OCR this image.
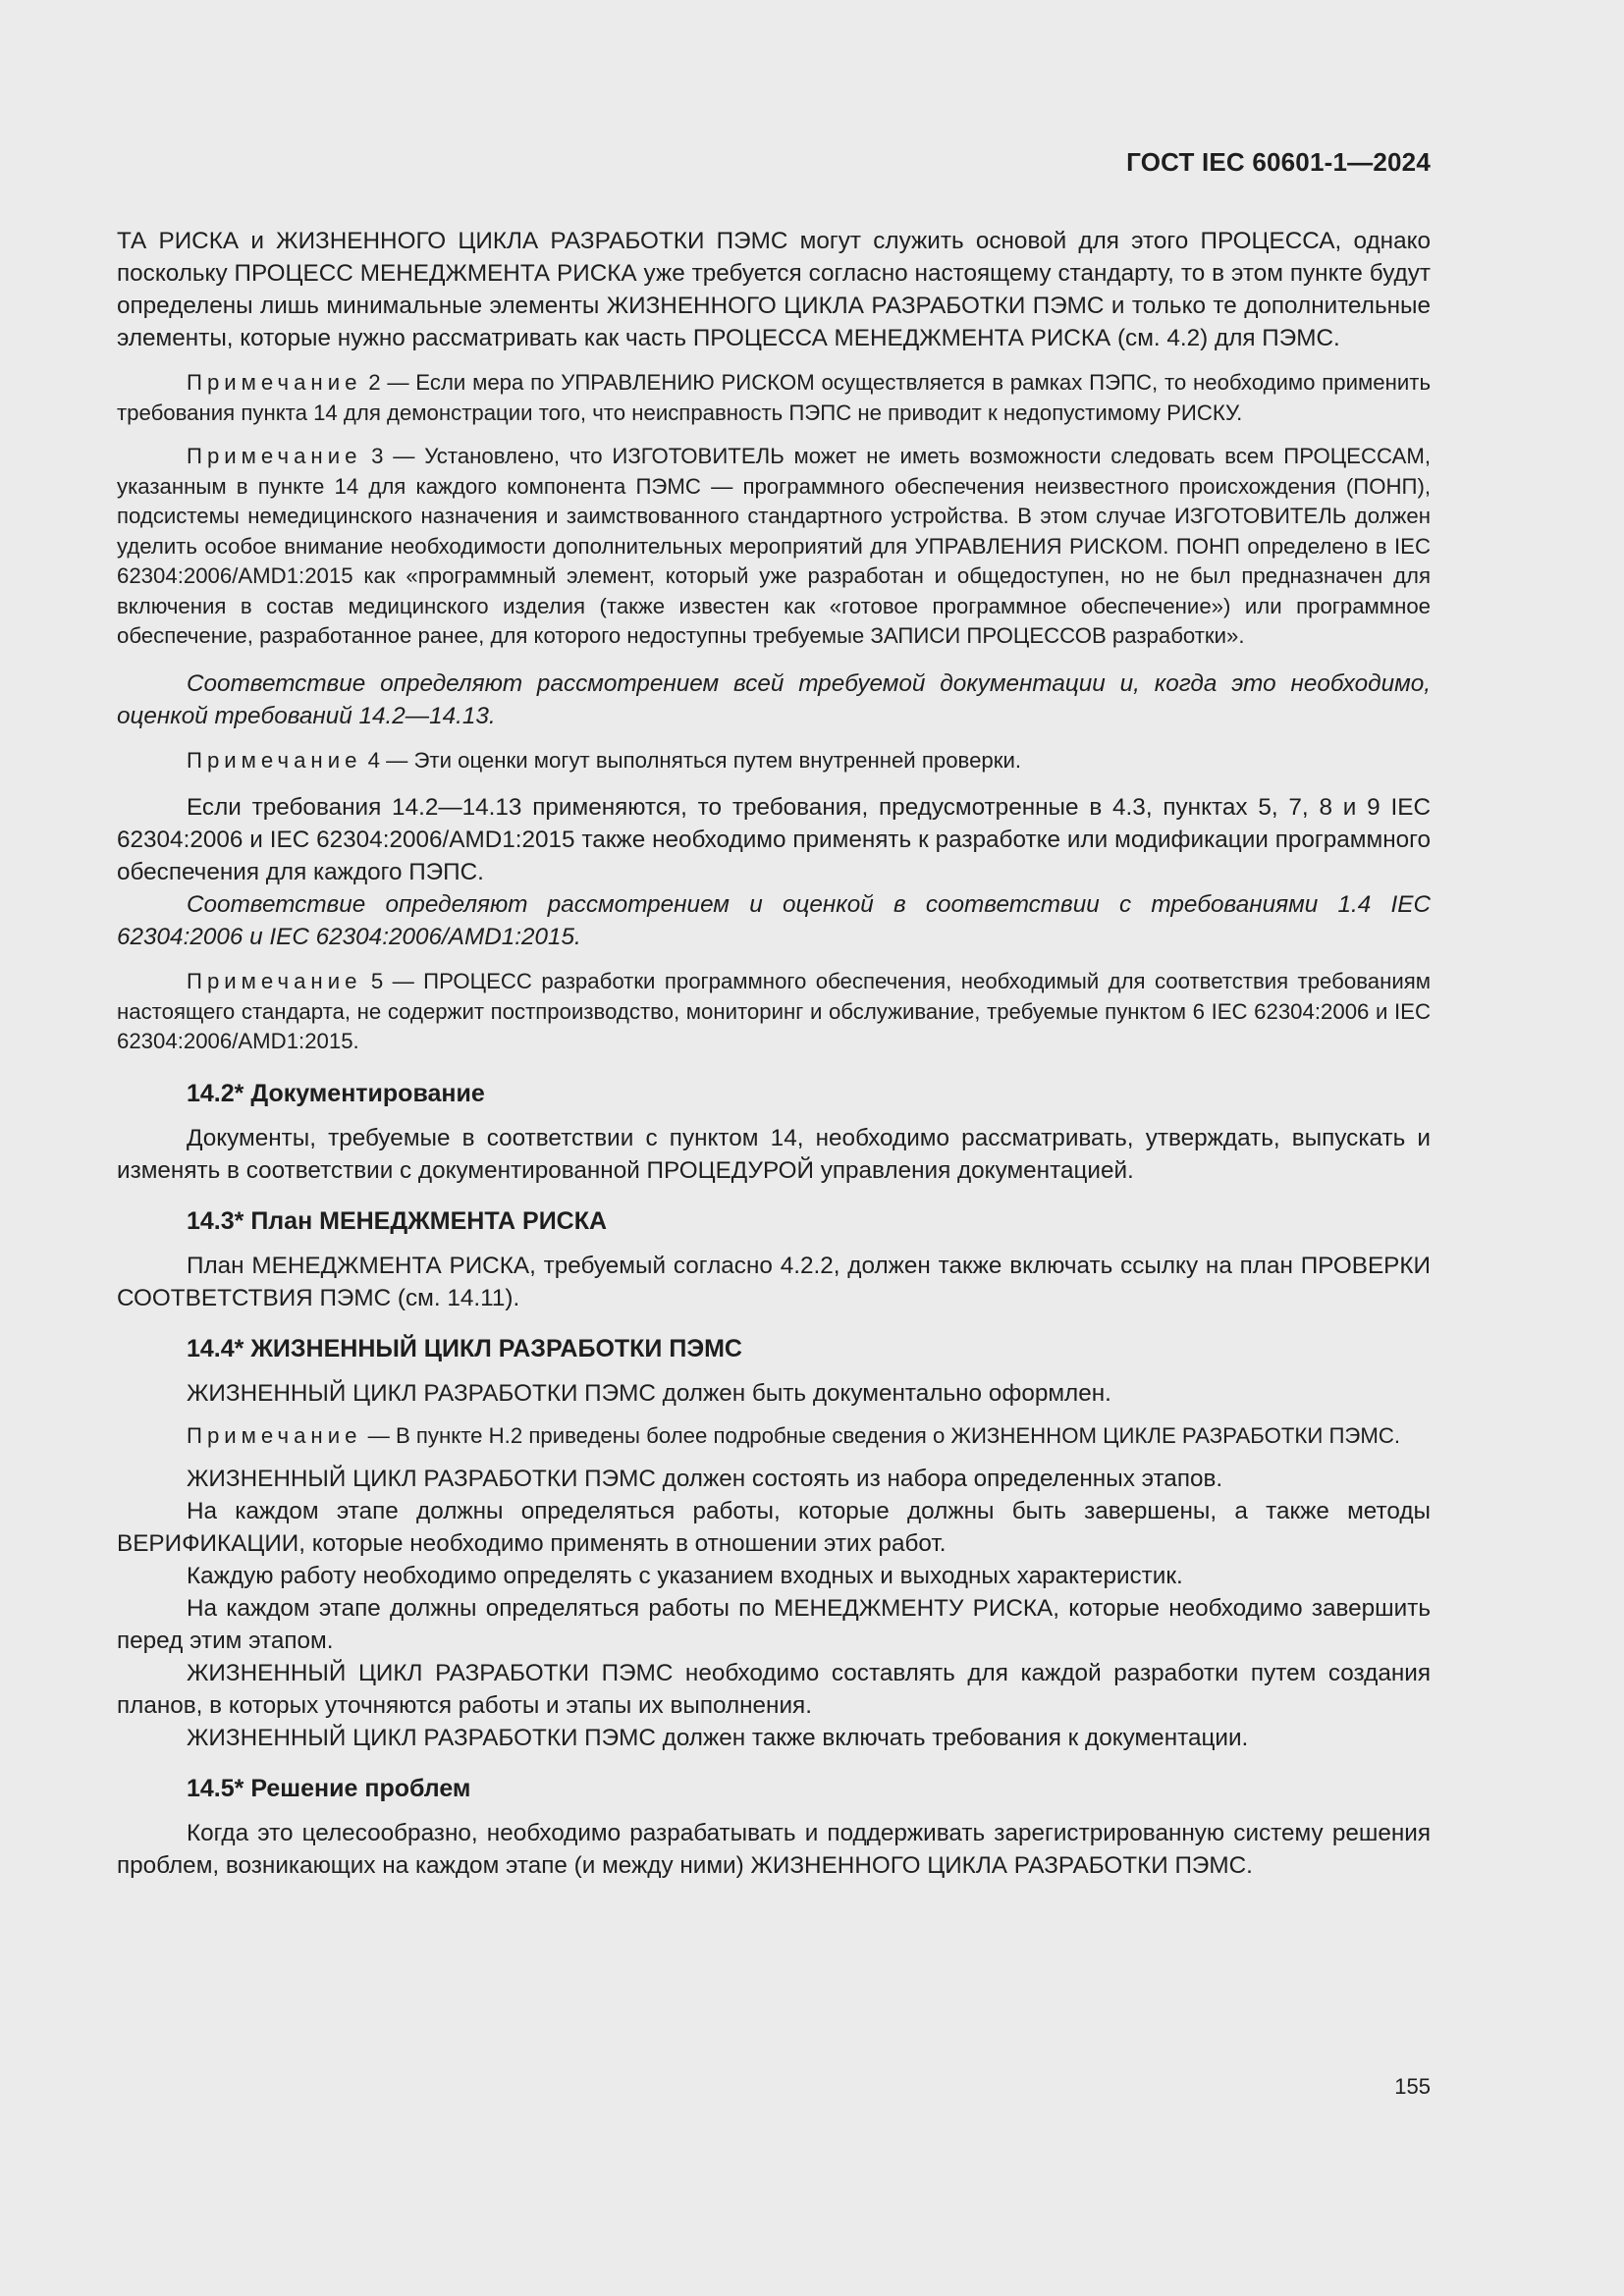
ГОСТ IEC 60601-1—2024

ТА РИСКА и ЖИЗНЕННОГО ЦИКЛА РАЗРАБОТКИ ПЭМС могут служить основой для этого ПРОЦЕССА, однако поскольку ПРОЦЕСС МЕНЕДЖМЕНТА РИСКА уже требуется согласно настоящему стандарту, то в этом пункте будут определены лишь минимальные элементы ЖИЗНЕННОГО ЦИКЛА РАЗРАБОТКИ ПЭМС и только те дополнительные элементы, которые нужно рассматривать как часть ПРОЦЕССА МЕНЕДЖМЕНТА РИСКА (см. 4.2) для ПЭМС.

Примечание 2 — Если мера по УПРАВЛЕНИЮ РИСКОМ осуществляется в рамках ПЭПС, то необходимо применить требования пункта 14 для демонстрации того, что неисправность ПЭПС не приводит к недопустимому РИСКУ.

Примечание 3 — Установлено, что ИЗГОТОВИТЕЛЬ может не иметь возможности следовать всем ПРОЦЕССАМ, указанным в пункте 14 для каждого компонента ПЭМС — программного обеспечения неизвестного происхождения (ПОНП), подсистемы немедицинского назначения и заимствованного стандартного устройства. В этом случае ИЗГОТОВИТЕЛЬ должен уделить особое внимание необходимости дополнительных мероприятий для УПРАВЛЕНИЯ РИСКОМ. ПОНП определено в IEC 62304:2006/AMD1:2015 как «программный элемент, который уже разработан и общедоступен, но не был предназначен для включения в состав медицинского изделия (также известен как «готовое программное обеспечение») или программное обеспечение, разработанное ранее, для которого недоступны требуемые ЗАПИСИ ПРОЦЕССОВ разработки».

Соответствие определяют рассмотрением всей требуемой документации и, когда это необходимо, оценкой требований 14.2—14.13.

Примечание 4 — Эти оценки могут выполняться путем внутренней проверки.

Если требования 14.2—14.13 применяются, то требования, предусмотренные в 4.3, пунктах 5, 7, 8 и 9 IEC 62304:2006 и IEC 62304:2006/AMD1:2015 также необходимо применять к разработке или модификации программного обеспечения для каждого ПЭПС.

Соответствие определяют рассмотрением и оценкой в соответствии с требованиями 1.4 IEC 62304:2006 и IEC 62304:2006/AMD1:2015.

Примечание 5 — ПРОЦЕСС разработки программного обеспечения, необходимый для соответствия требованиям настоящего стандарта, не содержит постпроизводство, мониторинг и обслуживание, требуемые пунктом 6 IEC 62304:2006 и IEC 62304:2006/AMD1:2015.

14.2* Документирование

Документы, требуемые в соответствии с пунктом 14, необходимо рассматривать, утверждать, выпускать и изменять в соответствии с документированной ПРОЦЕДУРОЙ управления документацией.

14.3* План МЕНЕДЖМЕНТА РИСКА

План МЕНЕДЖМЕНТА РИСКА, требуемый согласно 4.2.2, должен также включать ссылку на план ПРОВЕРКИ СООТВЕТСТВИЯ ПЭМС (см. 14.11).

14.4* ЖИЗНЕННЫЙ ЦИКЛ РАЗРАБОТКИ ПЭМС

ЖИЗНЕННЫЙ ЦИКЛ РАЗРАБОТКИ ПЭМС должен быть документально оформлен.

Примечание — В пункте H.2 приведены более подробные сведения о ЖИЗНЕННОМ ЦИКЛЕ РАЗРАБОТКИ ПЭМС.

ЖИЗНЕННЫЙ ЦИКЛ РАЗРАБОТКИ ПЭМС должен состоять из набора определенных этапов.

На каждом этапе должны определяться работы, которые должны быть завершены, а также методы ВЕРИФИКАЦИИ, которые необходимо применять в отношении этих работ.

Каждую работу необходимо определять с указанием входных и выходных характеристик.

На каждом этапе должны определяться работы по МЕНЕДЖМЕНТУ РИСКА, которые необходимо завершить перед этим этапом.

ЖИЗНЕННЫЙ ЦИКЛ РАЗРАБОТКИ ПЭМС необходимо составлять для каждой разработки путем создания планов, в которых уточняются работы и этапы их выполнения.

ЖИЗНЕННЫЙ ЦИКЛ РАЗРАБОТКИ ПЭМС должен также включать требования к документации.

14.5* Решение проблем

Когда это целесообразно, необходимо разрабатывать и поддерживать зарегистрированную систему решения проблем, возникающих на каждом этапе (и между ними) ЖИЗНЕННОГО ЦИКЛА РАЗРАБОТКИ ПЭМС.

155
